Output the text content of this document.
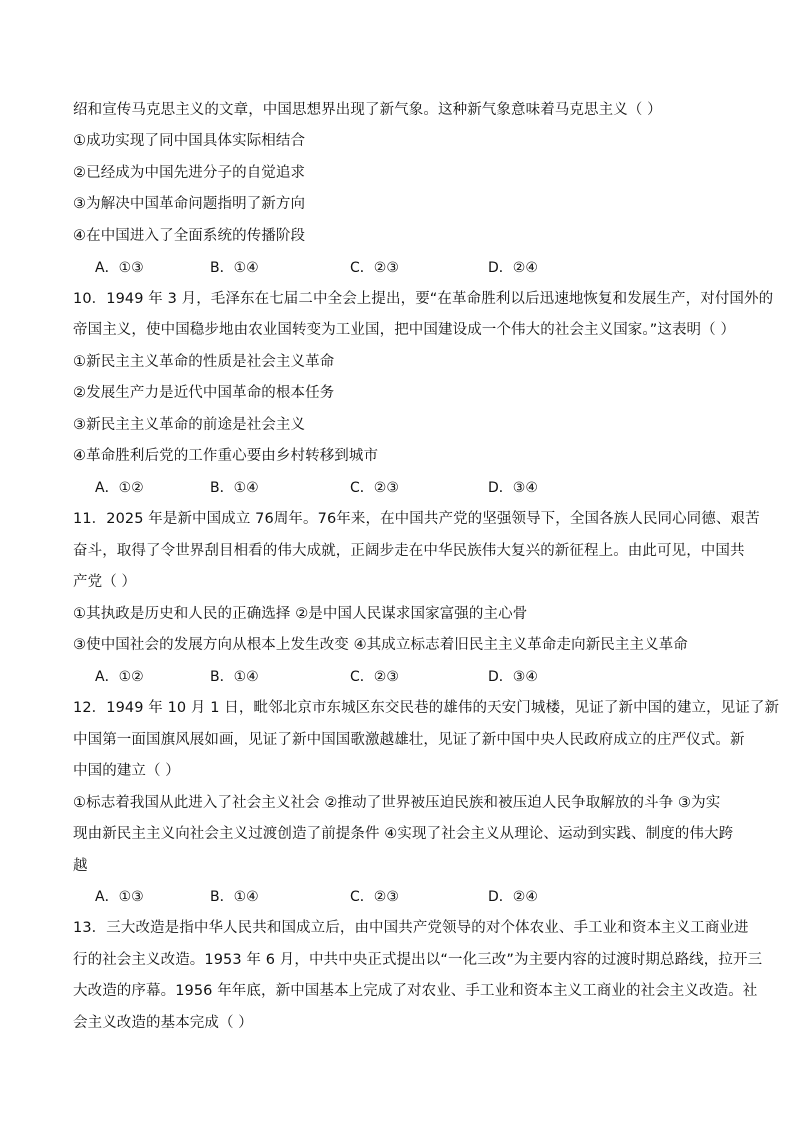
绍和宣传马克思主义的文章，中国思想界出现了新气象。这种新气象意味着马克思主义（ ）
①成功实现了同中国具体实际相结合
②已经成为中国先进分子的自觉追求
③为解决中国革命问题指明了新方向
④在中国进入了全面系统的传播阶段
A．①③	B．①④	C．②③	D．②④
10．1949 年 3 月，毛泽东在七届二中全会上提出，要“在革命胜利以后迅速地恢复和发展生产，对付国外的
帝国主义，使中国稳步地由农业国转变为工业国，把中国建设成一个伟大的社会主义国家。”这表明（ ）
①新民主主义革命的性质是社会主义革命
②发展生产力是近代中国革命的根本任务
③新民主主义革命的前途是社会主义
④革命胜利后党的工作重心要由乡村转移到城市
A．①②	B．①④	C．②③	D．③④
11．2025 年是新中国成立 76周年。76年来，在中国共产党的坚强领导下，全国各族人民同心同德、艰苦
奋斗，取得了令世界刮目相看的伟大成就，正阔步走在中华民族伟大复兴的新征程上。由此可见，中国共
产党（ ）
①其执政是历史和人民的正确选择 ②是中国人民谋求国家富强的主心骨
③使中国社会的发展方向从根本上发生改变 ④其成立标志着旧民主主义革命走向新民主主义革命
A．①②	B．①④	C．②③	D．③④
12．1949 年 10 月 1 日，毗邻北京市东城区东交民巷的雄伟的天安门城楼，见证了新中国的建立，见证了新
中国第一面国旗风展如画，见证了新中国国歌激越雄壮，见证了新中国中央人民政府成立的庄严仪式。新
中国的建立（ ）
①标志着我国从此进入了社会主义社会 ②推动了世界被压迫民族和被压迫人民争取解放的斗争 ③为实
现由新民主主义向社会主义过渡创造了前提条件 ④实现了社会主义从理论、运动到实践、制度的伟大跨
越
A．①③	B．①④	C．②③	D．②④
13．三大改造是指中华人民共和国成立后，由中国共产党领导的对个体农业、手工业和资本主义工商业进
行的社会主义改造。1953 年 6 月，中共中央正式提出以“一化三改”为主要内容的过渡时期总路线，拉开三
大改造的序幕。1956 年年底，新中国基本上完成了对农业、手工业和资本主义工商业的社会主义改造。社
会主义改造的基本完成（ ）
